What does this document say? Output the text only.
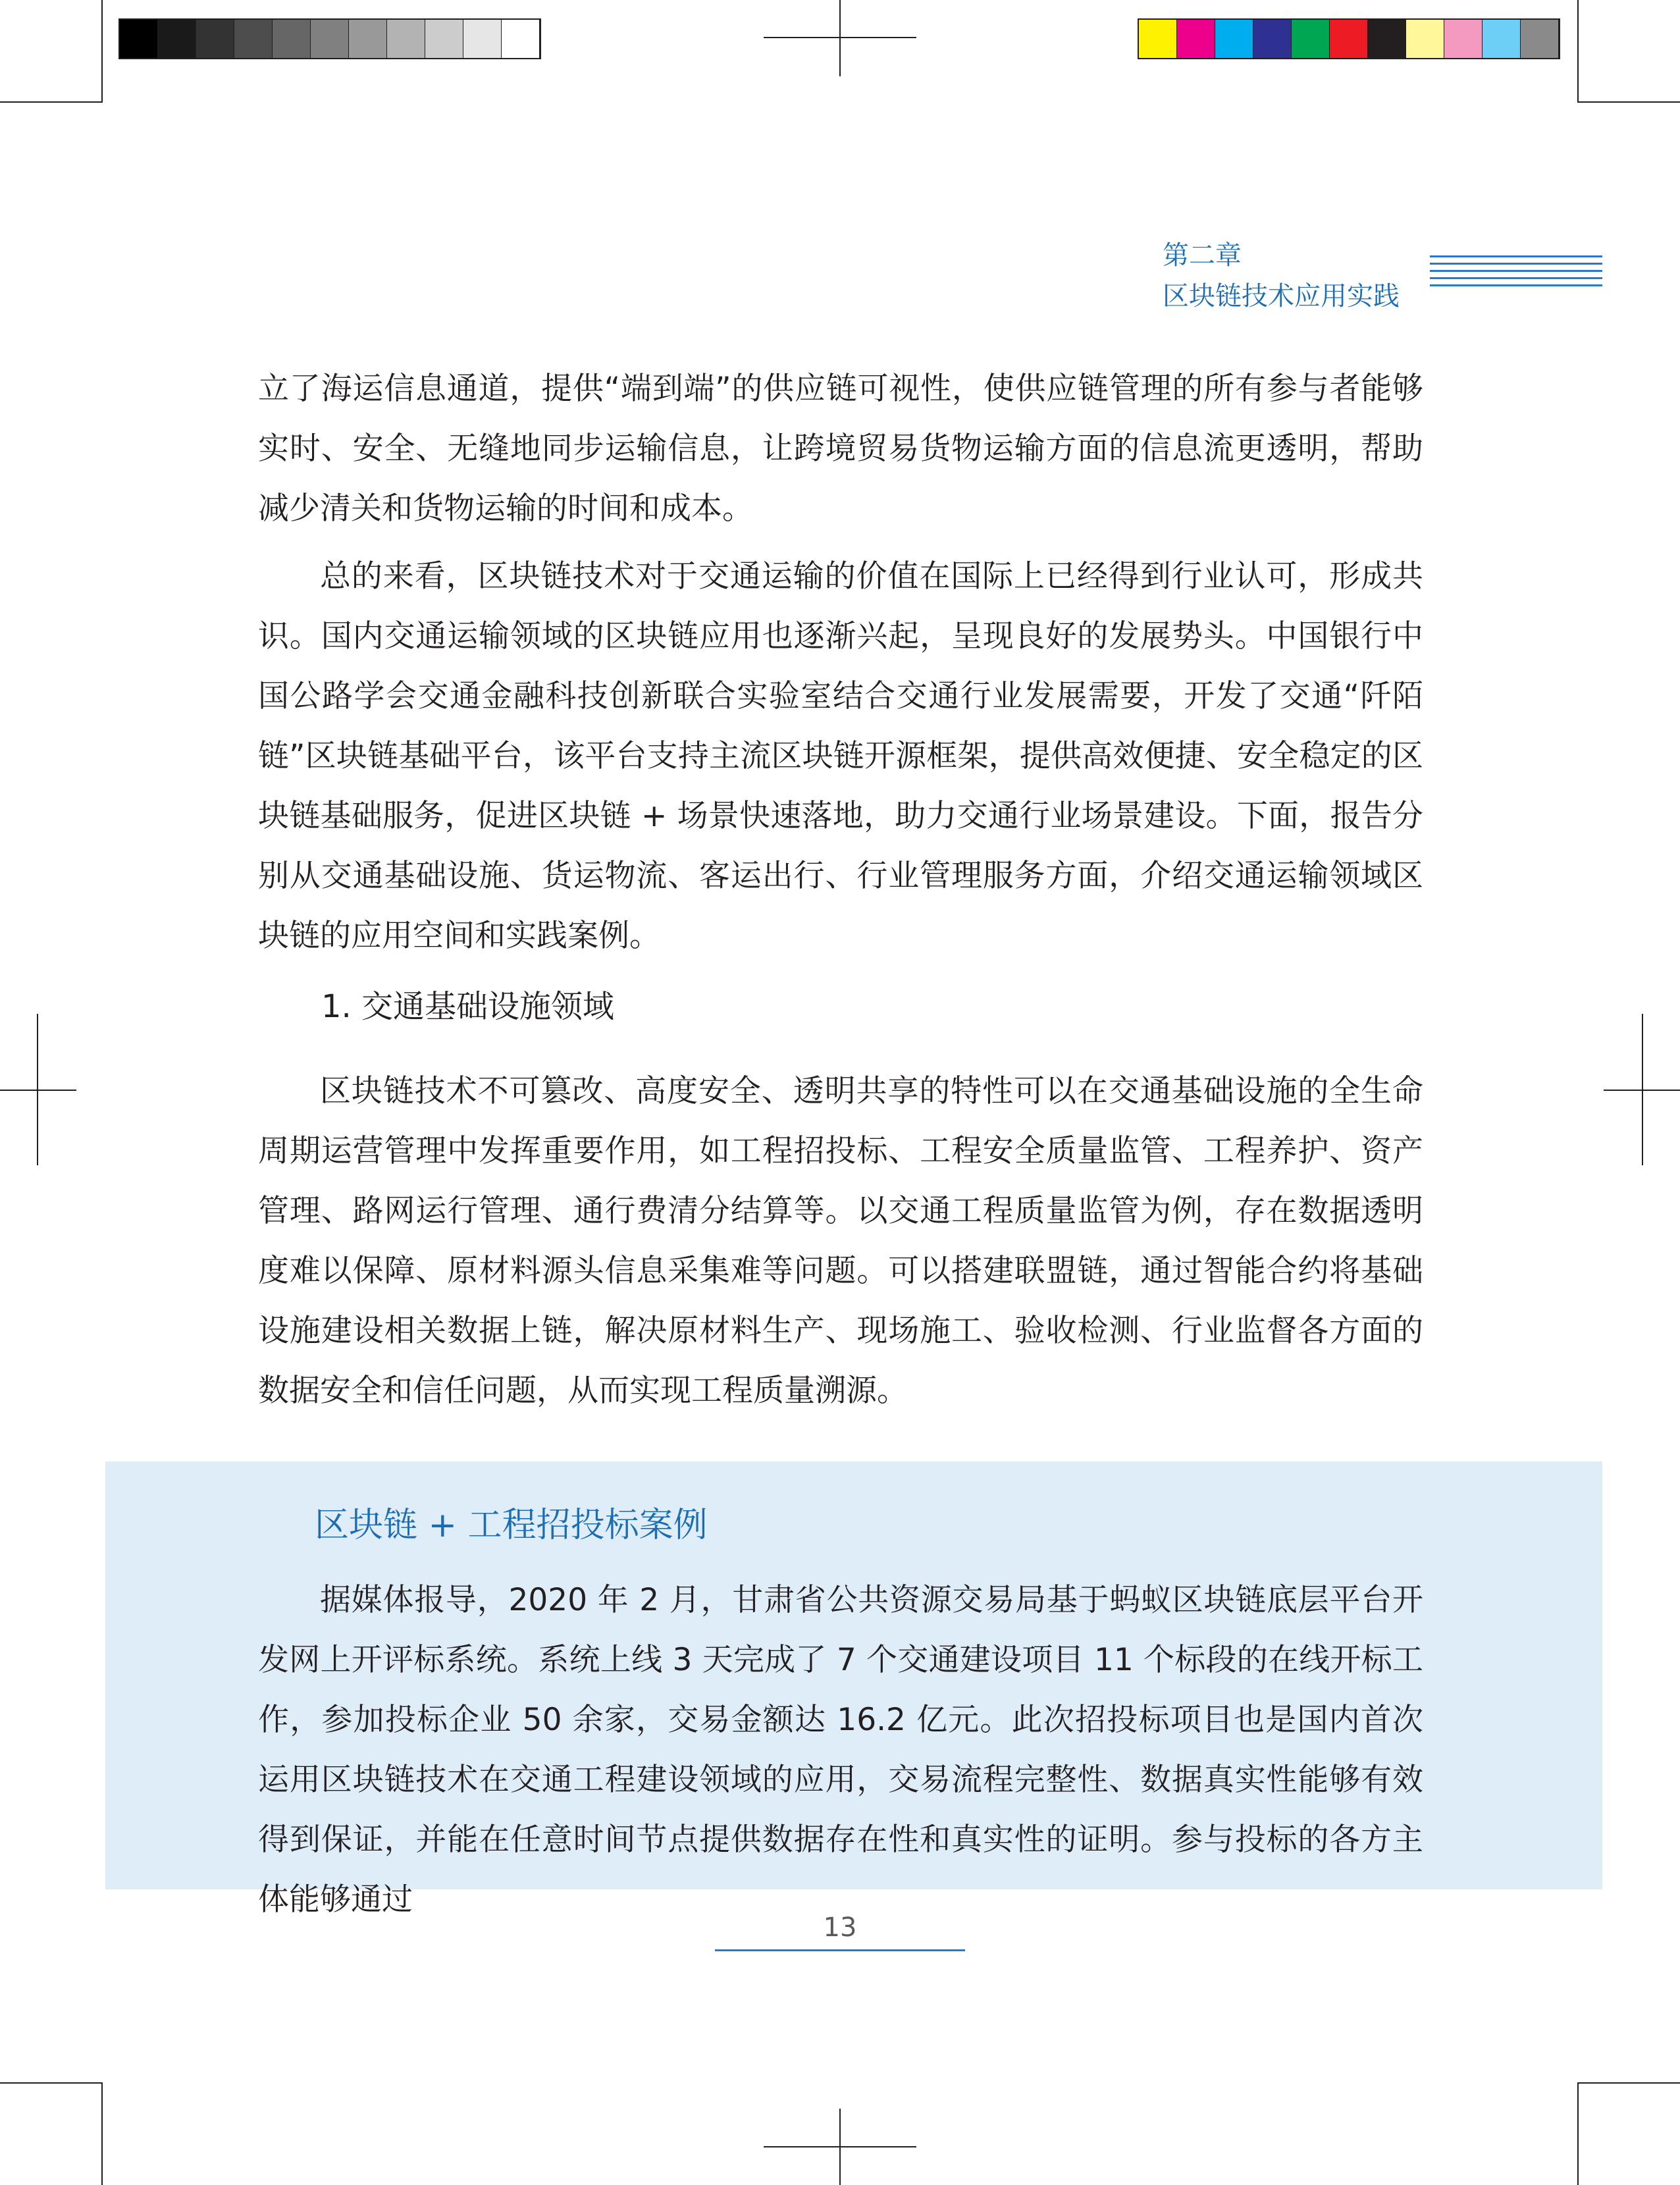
第二章
区块链技术应用实践

立了海运信息通道，提供“端到端”的供应链可视性，使供应链管理的所有参与者能够实时、安全、无缝地同步运输信息，让跨境贸易货物运输方面的信息流更透明，帮助减少清关和货物运输的时间和成本。

总的来看，区块链技术对于交通运输的价值在国际上已经得到行业认可，形成共识。国内交通运输领域的区块链应用也逐渐兴起，呈现良好的发展势头。中国银行中国公路学会交通金融科技创新联合实验室结合交通行业发展需要，开发了交通“阡陌链”区块链基础平台，该平台支持主流区块链开源框架，提供高效便捷、安全稳定的区块链基础服务，促进区块链 + 场景快速落地，助力交通行业场景建设。下面，报告分别从交通基础设施、货运物流、客运出行、行业管理服务方面，介绍交通运输领域区块链的应用空间和实践案例。

1. 交通基础设施领域

区块链技术不可篡改、高度安全、透明共享的特性可以在交通基础设施的全生命周期运营管理中发挥重要作用，如工程招投标、工程安全质量监管、工程养护、资产管理、路网运行管理、通行费清分结算等。以交通工程质量监管为例，存在数据透明度难以保障、原材料源头信息采集难等问题。可以搭建联盟链，通过智能合约将基础设施建设相关数据上链，解决原材料生产、现场施工、验收检测、行业监督各方面的数据安全和信任问题，从而实现工程质量溯源。

区块链 + 工程招投标案例

据媒体报导，2020 年 2 月，甘肃省公共资源交易局基于蚂蚁区块链底层平台开发网上开评标系统。系统上线 3 天完成了 7 个交通建设项目 11 个标段的在线开标工作，参加投标企业 50 余家，交易金额达 16.2 亿元。此次招投标项目也是国内首次运用区块链技术在交通工程建设领域的应用，交易流程完整性、数据真实性能够有效得到保证，并能在任意时间节点提供数据存在性和真实性的证明。参与投标的各方主体能够通过

13
